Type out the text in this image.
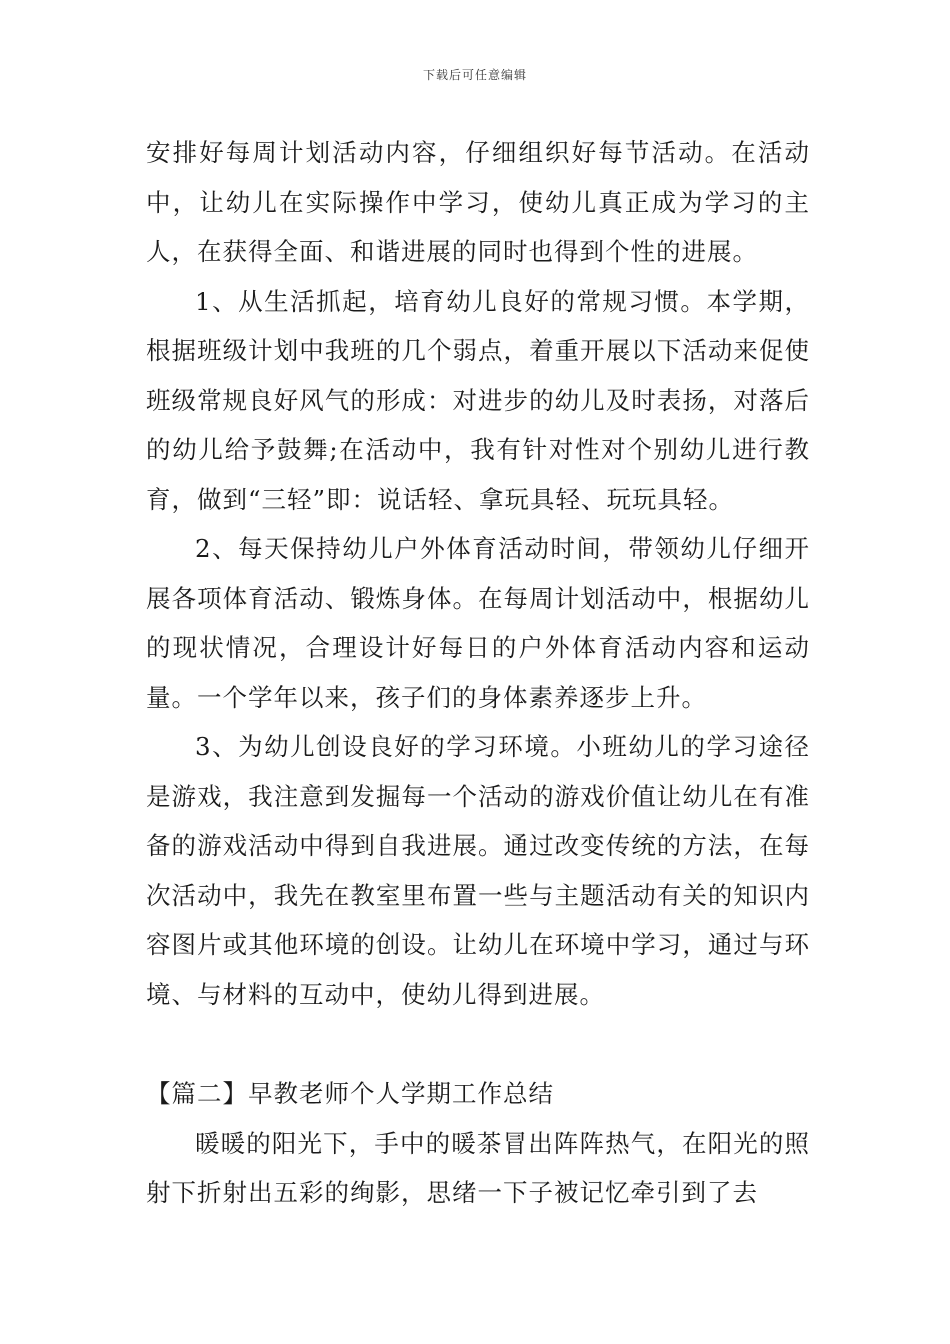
下载后可任意编辑

安排好每周计划活动内容，仔细组织好每节活动。在活动中，让幼儿在实际操作中学习，使幼儿真正成为学习的主人，在获得全面、和谐进展的同时也得到个性的进展。

1、从生活抓起，培育幼儿良好的常规习惯。本学期，根据班级计划中我班的几个弱点，着重开展以下活动来促使班级常规良好风气的形成：对进步的幼儿及时表扬，对落后的幼儿给予鼓舞;在活动中，我有针对性对个别幼儿进行教育，做到“三轻”即：说话轻、拿玩具轻、玩玩具轻。

2、每天保持幼儿户外体育活动时间，带领幼儿仔细开展各项体育活动、锻炼身体。在每周计划活动中，根据幼儿的现状情况，合理设计好每日的户外体育活动内容和运动量。一个学年以来，孩子们的身体素养逐步上升。

3、为幼儿创设良好的学习环境。小班幼儿的学习途径是游戏，我注意到发掘每一个活动的游戏价值让幼儿在有准备的游戏活动中得到自我进展。通过改变传统的方法，在每次活动中，我先在教室里布置一些与主题活动有关的知识内容图片或其他环境的创设。让幼儿在环境中学习，通过与环境、与材料的互动中，使幼儿得到进展。

【篇二】早教老师个人学期工作总结

暖暖的阳光下，手中的暖茶冒出阵阵热气，在阳光的照射下折射出五彩的绚影，思绪一下子被记忆牵引到了去
